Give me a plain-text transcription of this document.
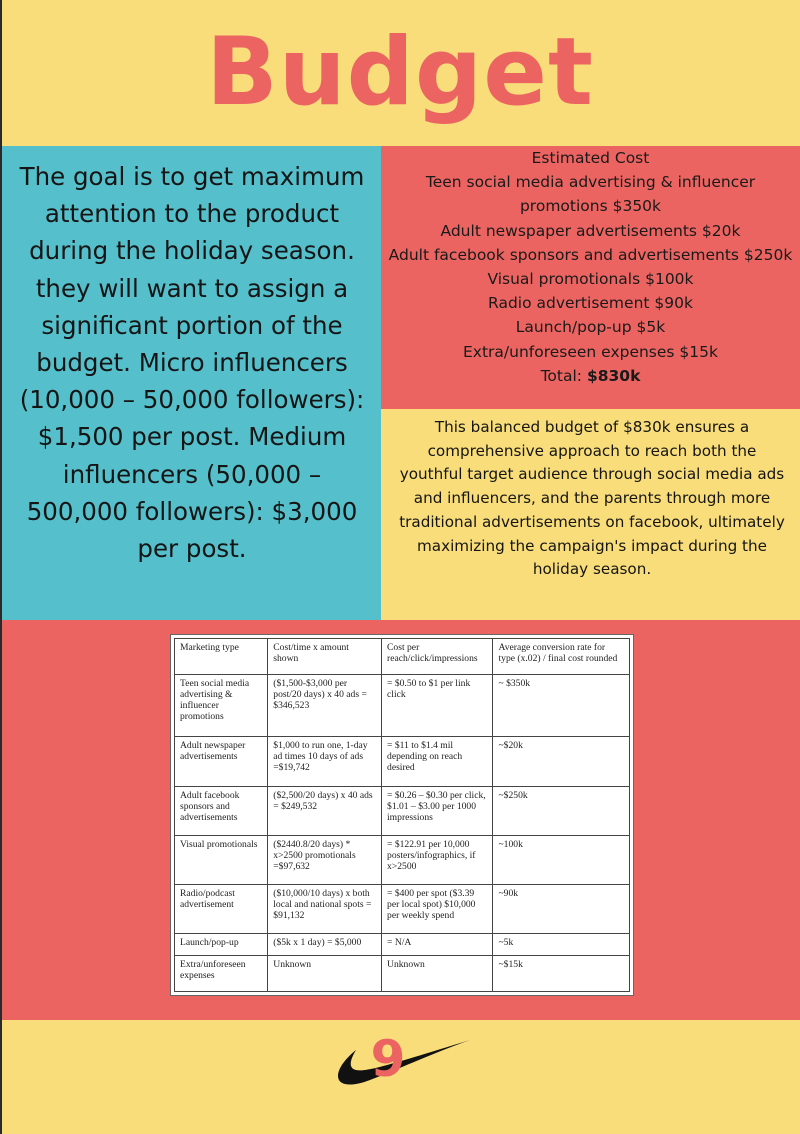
Budget
The goal is to get maximum attention to the product during the holiday season. they will want to assign a significant portion of the budget. Micro influencers (10,000 – 50,000 followers): $1,500 per post. Medium influencers (50,000 – 500,000 followers): $3,000 per post.
Estimated Cost
Teen social media advertising & influencer promotions $350k
Adult newspaper advertisements $20k
Adult facebook sponsors and advertisements $250k
Visual promotionals $100k
Radio advertisement $90k
Launch/pop-up $5k
Extra/unforeseen expenses $15k
Total: $830k
This balanced budget of $830k ensures a comprehensive approach to reach both the youthful target audience through social media ads and influencers, and the parents through more traditional advertisements on facebook, ultimately maximizing the campaign's impact during the holiday season.
Marketing type	Cost/time x amount shown	Cost per reach/click/impressions	Average conversion rate for type (x.02) / final cost rounded
Teen social media advertising & influencer promotions	($1,500-$3,000 per post/20 days) x 40 ads = $346,523	= $0.50 to $1 per link click	~ $350k
Adult newspaper advertisements	$1,000 to run one, 1-day ad times 10 days of ads =$19,742	= $11 to $1.4 mil depending on reach desired	~$20k
Adult facebook sponsors and advertisements	($2,500/20 days) x 40 ads = $249,532	= $0.26 – $0.30 per click, $1.01 – $3.00 per 1000 impressions	~$250k
Visual promotionals	($2440.8/20 days) * x>2500 promotionals =$97,632	= $122.91 per 10,000 posters/infographics, if x>2500	~100k
Radio/podcast advertisement	($10,000/10 days) x both local and national spots = $91,132	= $400 per spot ($3.39 per local spot) $10,000 per weekly spend	~90k
Launch/pop-up	($5k x 1 day) = $5,000	= N/A	~5k
Extra/unforeseen expenses	Unknown	Unknown	~$15k
9
